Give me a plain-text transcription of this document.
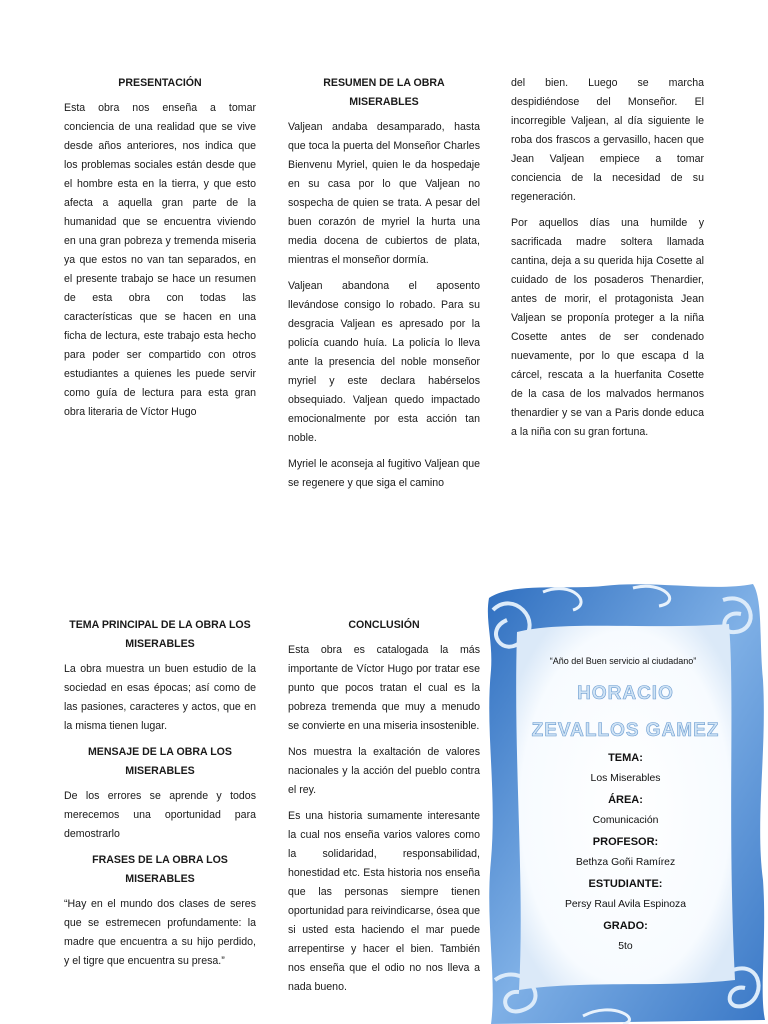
PRESENTACIÓN

Esta obra nos enseña a tomar conciencia de una realidad que se vive desde años anteriores, nos indica que los problemas sociales están desde que el hombre esta en la tierra, y que esto afecta a aquella gran parte de la humanidad que se encuentra viviendo en una gran pobreza y tremenda miseria ya que estos no van tan separados, en el presente trabajo se hace un resumen de esta obra con todas las características que se hacen en una ficha de lectura, este trabajo esta hecho para poder ser compartido con otros estudiantes a quienes les puede servir como guía de lectura para esta gran obra literaria de Víctor Hugo

RESUMEN DE LA OBRA MISERABLES

Valjean andaba desamparado, hasta que toca la puerta del Monseñor Charles Bienvenu Myriel, quien le da hospedaje en su casa por lo que Valjean no sospecha de quien se trata. A pesar del buen corazón de myriel la hurta una media docena de cubiertos de plata, mientras el monseñor dormía.

Valjean abandona el aposento llevándose consigo lo robado. Para su desgracia Valjean es apresado por la policía cuando huía. La policía lo lleva ante la presencia del noble monseñor myriel y este declara habérselos obsequiado. Valjean quedo impactado emocionalmente por esta acción tan noble.

Myriel le aconseja al fugitivo Valjean que se regenere y que siga el camino

del bien. Luego se marcha despidiéndose del Monseñor. El incorregible Valjean, al día siguiente le roba dos frascos a gervasillo, hacen que Jean Valjean empiece a tomar conciencia de la necesidad de su regeneración.

Por aquellos días una humilde y sacrificada madre soltera llamada cantina, deja a su querida hija Cosette al cuidado de los posaderos Thenardier, antes de morir, el protagonista Jean Valjean se proponía proteger a la niña Cosette antes de ser condenado nuevamente, por lo que escapa d la cárcel, rescata a la huerfanita Cosette de la casa de los malvados hermanos thenardier y se van a Paris donde educa a la niña con su gran fortuna.

TEMA PRINCIPAL DE LA OBRA LOS MISERABLES

La obra muestra un buen estudio de la sociedad en esas épocas; así como de las pasiones, caracteres y actos, que en la misma tienen lugar.

MENSAJE DE LA OBRA LOS MISERABLES

De los errores se aprende y todos merecemos una oportunidad para demostrarlo

FRASES DE LA OBRA LOS MISERABLES

“Hay en el mundo dos clases de seres que se estremecen profundamente: la madre que encuentra a su hijo perdido, y el tigre que encuentra su presa.”

CONCLUSIÓN

Esta obra es catalogada la más importante de Víctor Hugo por tratar ese punto que pocos tratan el cual es la pobreza tremenda que muy a menudo se convierte en una miseria insostenible.

Nos muestra la exaltación de valores nacionales y la acción del pueblo contra el rey.

Es una historia sumamente interesante la cual nos enseña varios valores como la solidaridad, responsabilidad, honestidad etc. Esta historia nos enseña que las personas siempre tienen oportunidad para reivindicarse, ósea que si usted esta haciendo el mar puede arrepentirse y hacer el bien. También nos enseña que el odio no nos lleva a nada bueno.

“Año del Buen servicio al ciudadano”
HORACIO
ZEVALLOS GAMEZ
TEMA:
Los Miserables
ÁREA:
Comunicación
PROFESOR:
Bethza Goñi Ramírez
ESTUDIANTE:
Persy Raul Avila Espinoza
GRADO:
5to
